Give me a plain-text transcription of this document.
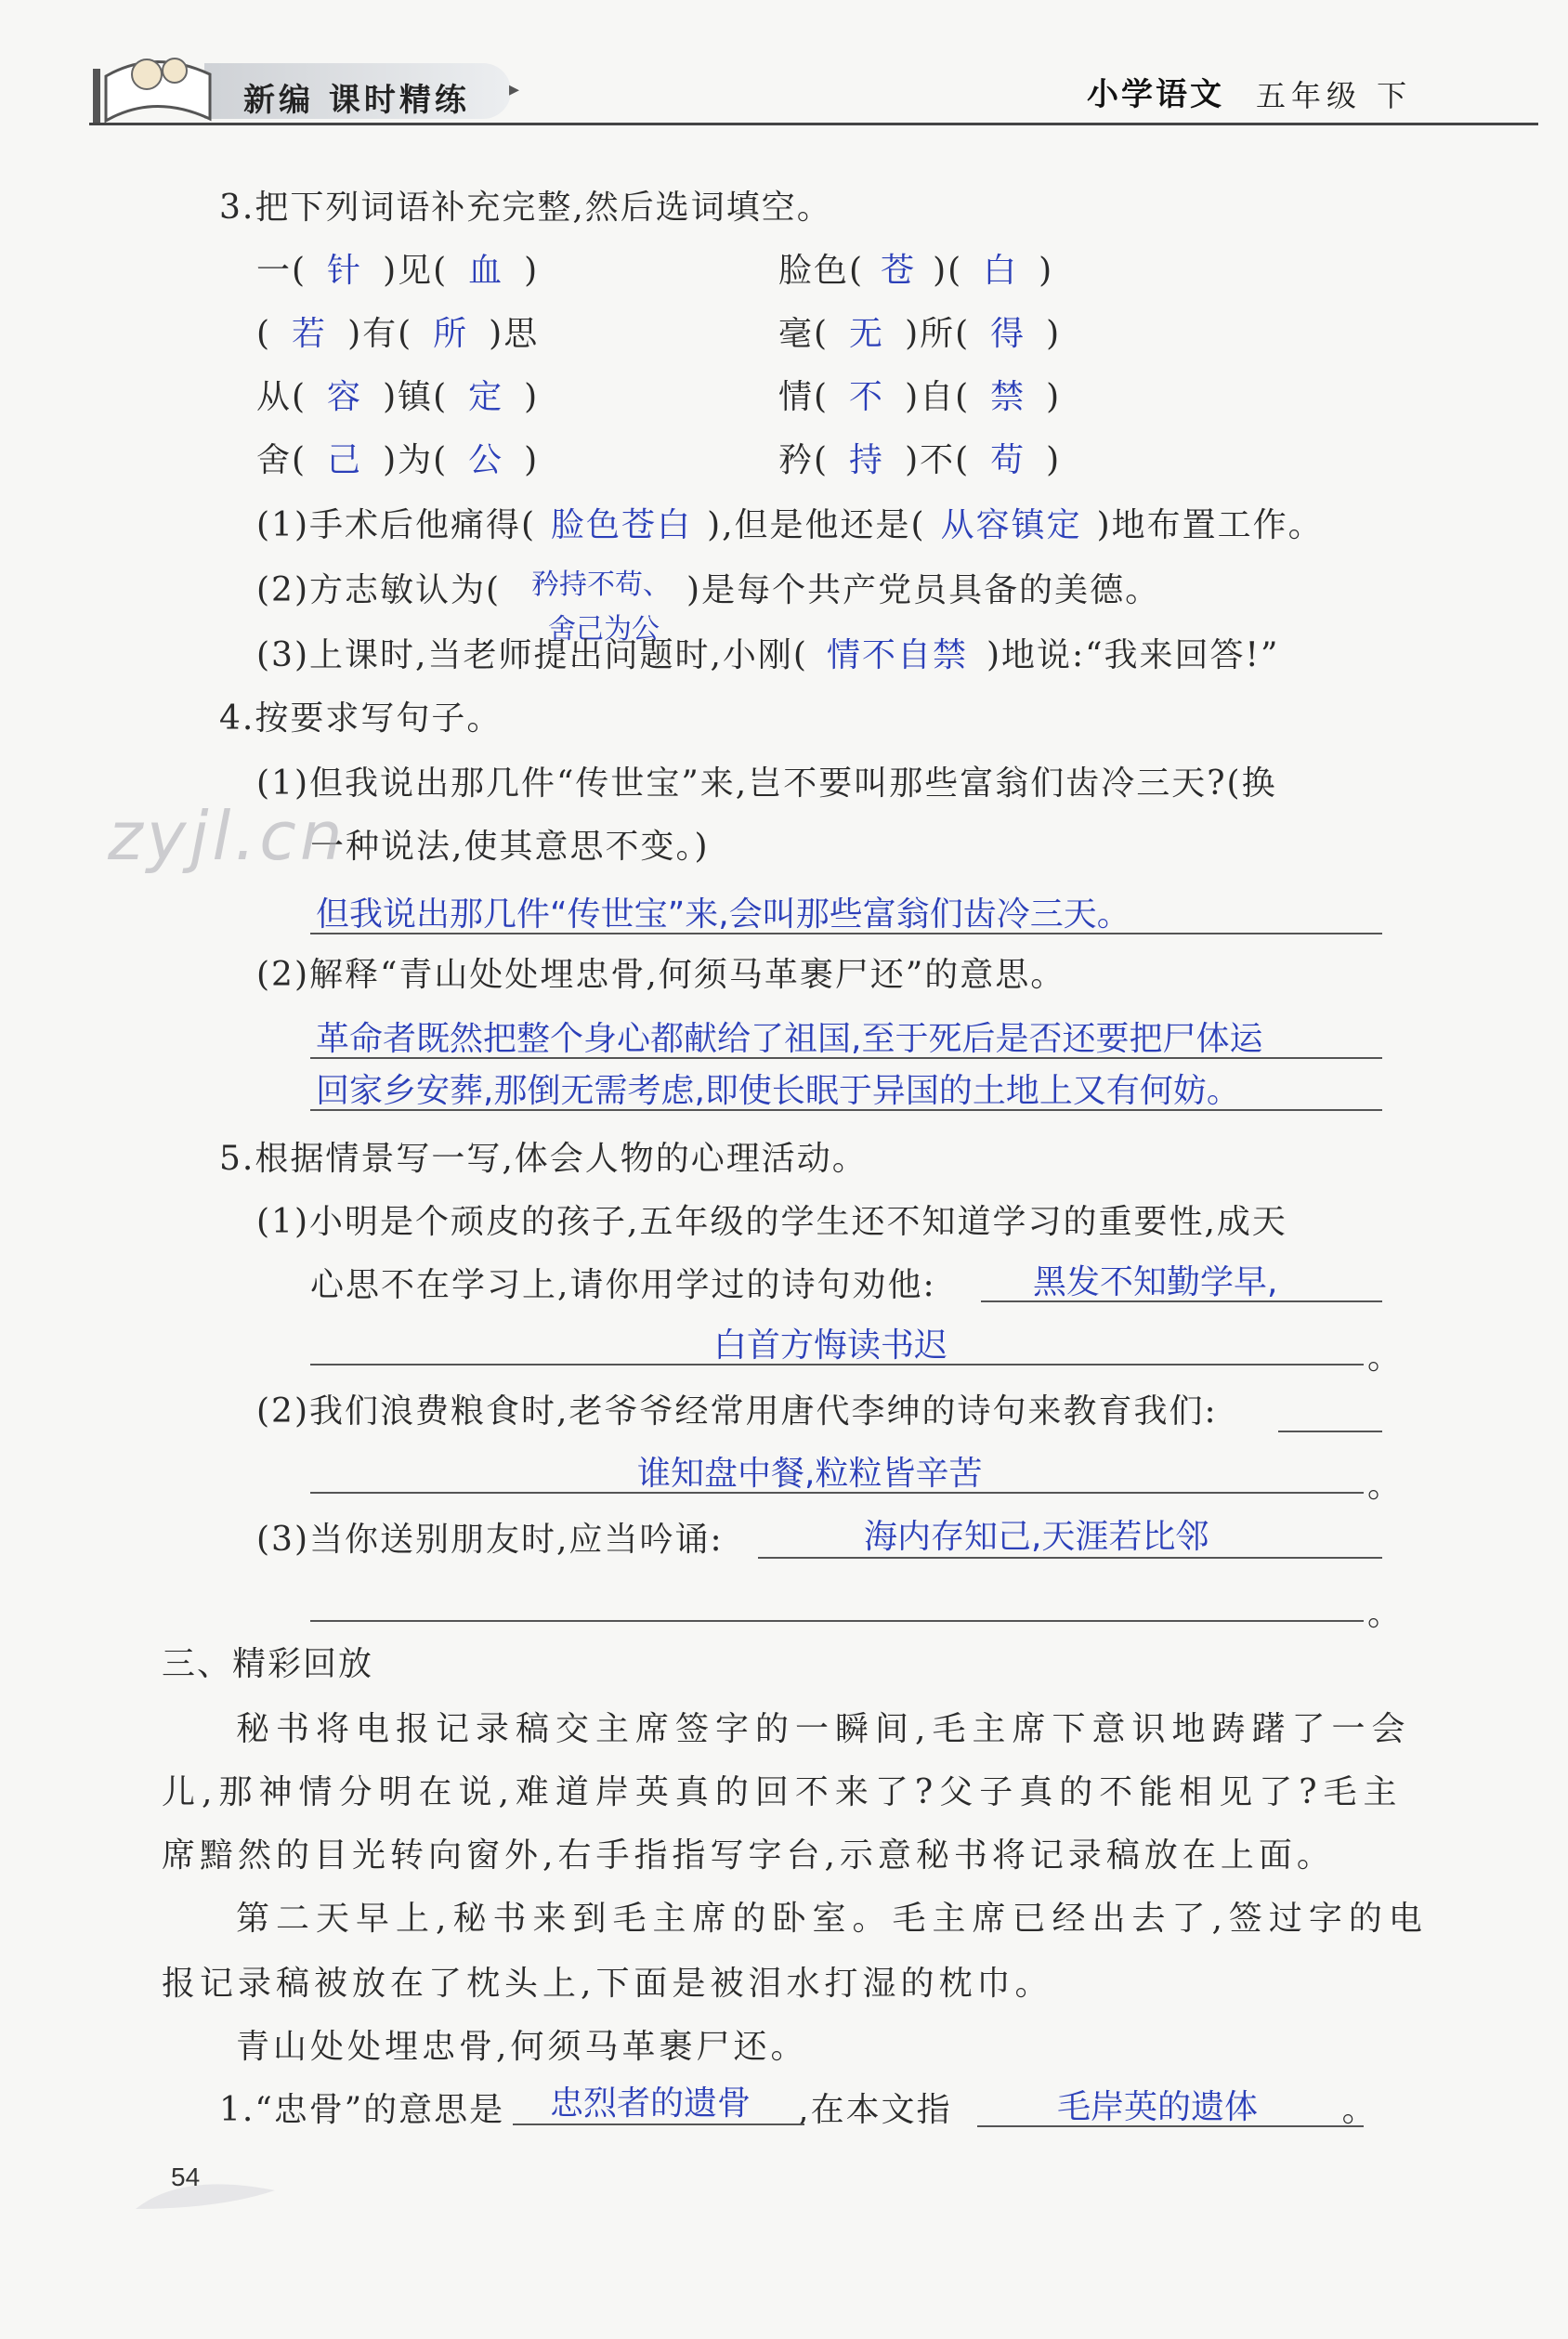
新编 课时精练 ▸	小学语文 五年级 下
3.把下列词语补充完整,然后选词填空。
一( 针 )见( 血 )	脸色( 苍 )( 白 )
( 若 )有( 所 )思	毫( 无 )所( 得 )
从( 容 )镇( 定 )	情( 不 )自( 禁 )
舍( 己 )为( 公 )	矜( 持 )不( 苟 )
(1)手术后他痛得( 脸色苍白 ),但是他还是( 从容镇定 )地布置工作。
(2)方志敏认为(	)是每个共产党员具备的美德。
矜持不苟、
舍己为公
(3)上课时,当老师提出问题时,小刚( 情不自禁 )地说:“我来回答!”
4.按要求写句子。
(1)但我说出那几件“传世宝”来,岂不要叫那些富翁们齿冷三天?(换
一种说法,使其意思不变。)
但我说出那几件“传世宝”来,会叫那些富翁们齿冷三天。
(2)解释“青山处处埋忠骨,何须马革裹尸还”的意思。
革命者既然把整个身心都献给了祖国,至于死后是否还要把尸体运
回家乡安葬,那倒无需考虑,即使长眠于异国的土地上又有何妨。
zyjl.cn
5.根据情景写一写,体会人物的心理活动。
(1)小明是个顽皮的孩子,五年级的学生还不知道学习的重要性,成天
心思不在学习上,请你用学过的诗句劝他:	黑发不知勤学早,
白首方悔读书迟	。
(2)我们浪费粮食时,老爷爷经常用唐代李绅的诗句来教育我们:
谁知盘中餐,粒粒皆辛苦	。
(3)当你送别朋友时,应当吟诵:	海内存知己,天涯若比邻
。
三、精彩回放
秘书将电报记录稿交主席签字的一瞬间,毛主席下意识地踌躇了一会
儿,那神情分明在说,难道岸英真的回不来了?父子真的不能相见了?毛主
席黯然的目光转向窗外,右手指指写字台,示意秘书将记录稿放在上面。
第二天早上,秘书来到毛主席的卧室。毛主席已经出去了,签过字的电
报记录稿被放在了枕头上,下面是被泪水打湿的枕巾。
青山处处埋忠骨,何须马革裹尸还。
1.“忠骨”的意思是	,在本文指	。
忠烈者的遗骨	毛岸英的遗体
54
